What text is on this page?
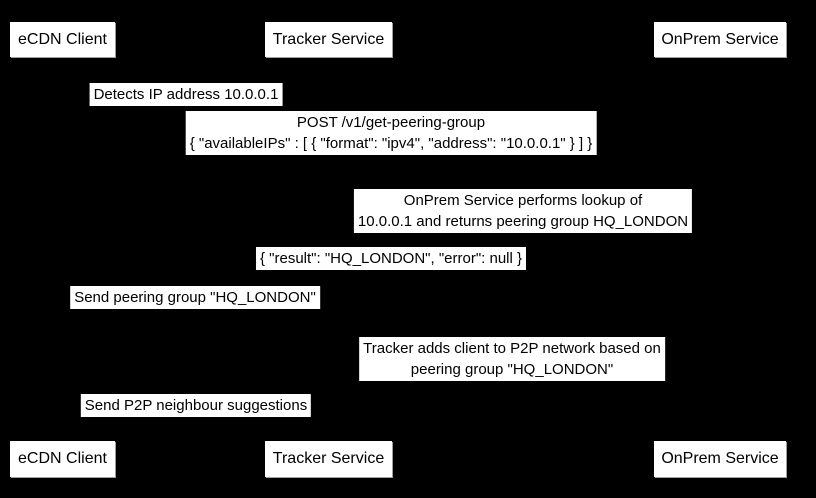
eCDN Client	Tracker Service	OnPrem Service
Detects IP address 10.0.0.1
POST /v1/get-peering-group
{ "availableIPs" : [ { "format": "ipv4", "address": "10.0.0.1" } ] }
OnPrem Service performs lookup of
10.0.0.1 and returns peering group HQ_LONDON
{ "result": "HQ_LONDON", "error": null }
Send peering group "HQ_LONDON"
Tracker adds client to P2P network based on
peering group "HQ_LONDON"
Send P2P neighbour suggestions
eCDN Client	Tracker Service	OnPrem Service
